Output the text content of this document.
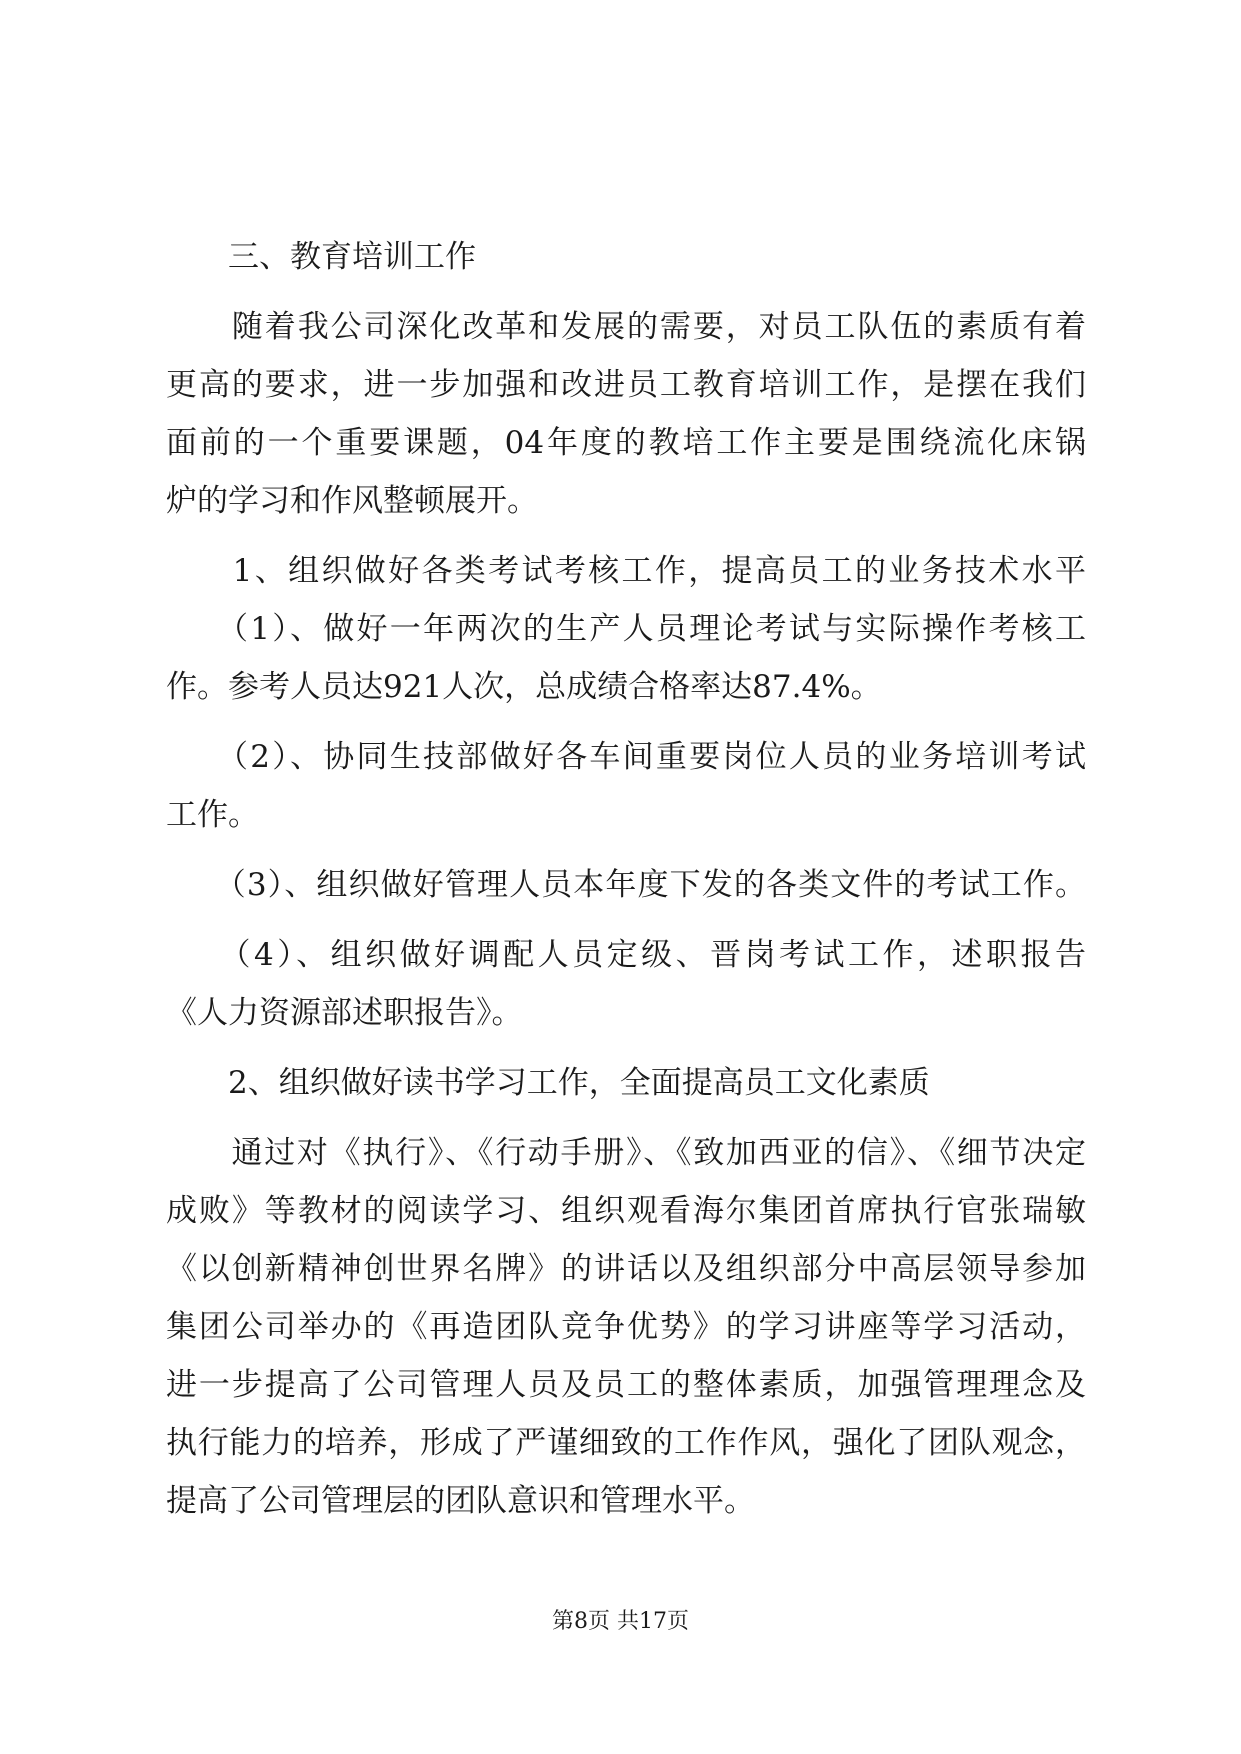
　　三、教育培训工作
　　随着我公司深化改革和发展的需要，对员工队伍的素质有着
更高的要求，进一步加强和改进员工教育培训工作，是摆在我们
面前的一个重要课题，04年度的教培工作主要是围绕流化床锅
炉的学习和作风整顿展开。
　　1、组织做好各类考试考核工作，提高员工的业务技术水平
　　（1）、做好一年两次的生产人员理论考试与实际操作考核工
作。参考人员达921人次，总成绩合格率达87.4%。
　　（2）、协同生技部做好各车间重要岗位人员的业务培训考试
工作。
　　（3）、组织做好管理人员本年度下发的各类文件的考试工作。
　　（4）、组织做好调配人员定级、晋岗考试工作，述职报告
《人力资源部述职报告》。
　　2、组织做好读书学习工作，全面提高员工文化素质
　　通过对《执行》、《行动手册》、《致加西亚的信》、《细节决定
成败》等教材的阅读学习、组织观看海尔集团首席执行官张瑞敏
《以创新精神创世界名牌》的讲话以及组织部分中高层领导参加
集团公司举办的《再造团队竞争优势》的学习讲座等学习活动，
进一步提高了公司管理人员及员工的整体素质，加强管理理念及
执行能力的培养，形成了严谨细致的工作作风，强化了团队观念，
提高了公司管理层的团队意识和管理水平。
第8页 共17页
